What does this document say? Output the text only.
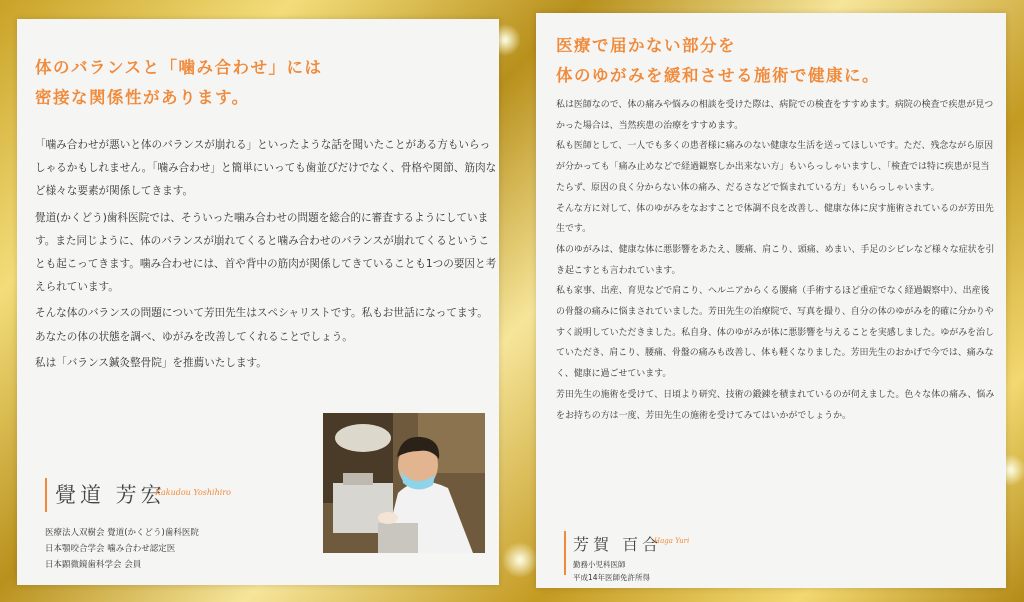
体のバランスと「噛み合わせ」には
密接な関係性があります。

「噛み合わせが悪いと体のバランスが崩れる」といったような話を聞いたことがある方もいらっしゃるかもしれません。「噛み合わせ」と簡単にいっても歯並びだけでなく、骨格や関節、筋肉など様々な要素が関係してきます。

覺道(かくどう)歯科医院では、そういった噛み合わせの問題を総合的に審査するようにしています。また同じように、体のバランスが崩れてくると噛み合わせのバランスが崩れてくるということも起こってきます。噛み合わせには、首や背中の筋肉が関係してきていることも1つの要因と考えられています。

そんな体のバランスの問題について芳田先生はスペシャリストです。私もお世話になってます。あなたの体の状態を調べ、ゆがみを改善してくれることでしょう。

私は「バランス鍼灸整骨院」を推薦いたします。

覺道 芳宏
Kakudou Yoshihiro
医療法人双樹会 覺道(かくどう)歯科医院
日本顎咬合学会 噛み合わせ認定医
日本顕微鏡歯科学会 会員
医療で届かない部分を
体のゆがみを緩和させる施術で健康に。

私は医師なので、体の痛みや悩みの相談を受けた際は、病院での検査をすすめます。病院の検査で疾患が見つかった場合は、当然疾患の治療をすすめます。

私も医師として、一人でも多くの患者様に痛みのない健康な生活を送ってほしいです。ただ、残念ながら原因が分かっても「痛み止めなどで経過観察しか出来ない方」もいらっしゃいますし、「検査では特に疾患が見当たらず、原因の良く分からない体の痛み、だるさなどで悩まれている方」もいらっしゃいます。

そんな方に対して、体のゆがみをなおすことで体調不良を改善し、健康な体に戻す施術されているのが芳田先生です。

体のゆがみは、健康な体に悪影響をあたえ、腰痛、肩こり、頭痛、めまい、手足のシビレなど様々な症状を引き起こすとも言われています。

私も家事、出産、育児などで肩こり、ヘルニアからくる腰痛（手術するほど重症でなく経過観察中）、出産後の骨盤の痛みに悩まされていました。芳田先生の治療院で、写真を撮り、自分の体のゆがみを的確に分かりやすく説明していただきました。私自身、体のゆがみが体に悪影響を与えることを実感しました。ゆがみを治していただき、肩こり、腰痛、骨盤の痛みも改善し、体も軽くなりました。芳田先生のおかげで今では、痛みなく、健康に過ごせています。

芳田先生の施術を受けて、日頃より研究、技術の鍛錬を積まれているのが伺えました。色々な体の痛み、悩みをお持ちの方は一度、芳田先生の施術を受けてみてはいかがでしょうか。

芳賀 百合
Haga Yuri
勤務小児科医師
平成14年医師免許所得
